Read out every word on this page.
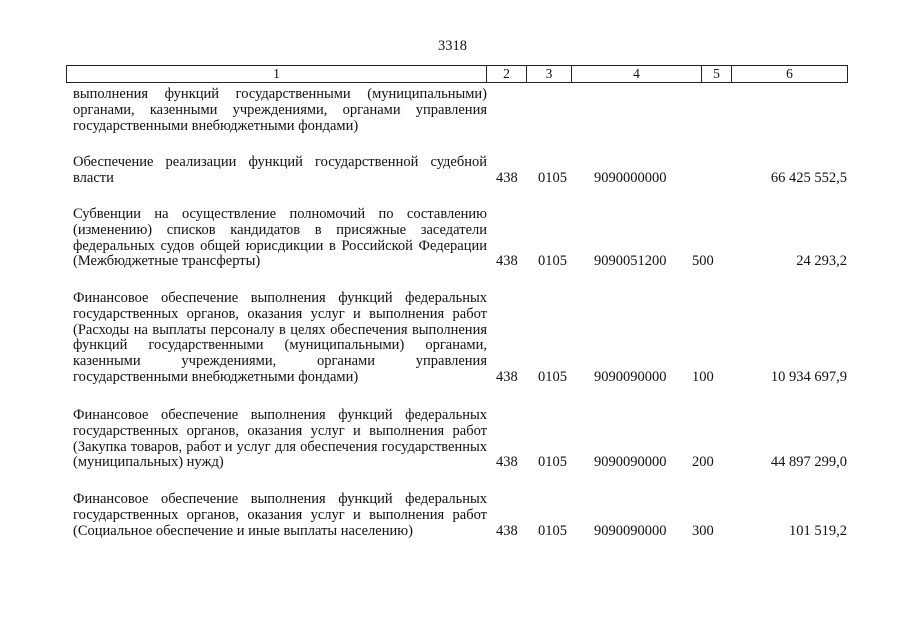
3318
1	2	3	4	5	6
выполнения функций государственными (муниципальными) органами, казенными учреждениями, органами управления государственными внебюджетными фондами)
Обеспечение реализации функций государственной судебной власти	438 0105 9090000000	66 425 552,5
Субвенции на осуществление полномочий по составлению (изменению) списков кандидатов в присяжные заседатели федеральных судов общей юрисдикции в Российской Федерации (Межбюджетные трансферты)	438 0105 9090051200 500	24 293,2
Финансовое обеспечение выполнения функций федеральных государственных органов, оказания услуг и выполнения работ (Расходы на выплаты персоналу в целях обеспечения выполнения функций государственными (муниципальными) органами, казенными учреждениями, органами управления государственными внебюджетными фондами)	438 0105 9090090000 100	10 934 697,9
Финансовое обеспечение выполнения функций федеральных государственных органов, оказания услуг и выполнения работ (Закупка товаров, работ и услуг для обеспечения государственных (муниципальных) нужд)	438 0105 9090090000 200	44 897 299,0
Финансовое обеспечение выполнения функций федеральных государственных органов, оказания услуг и выполнения работ (Социальное обеспечение и иные выплаты населению)	438 0105 9090090000 300	101 519,2
